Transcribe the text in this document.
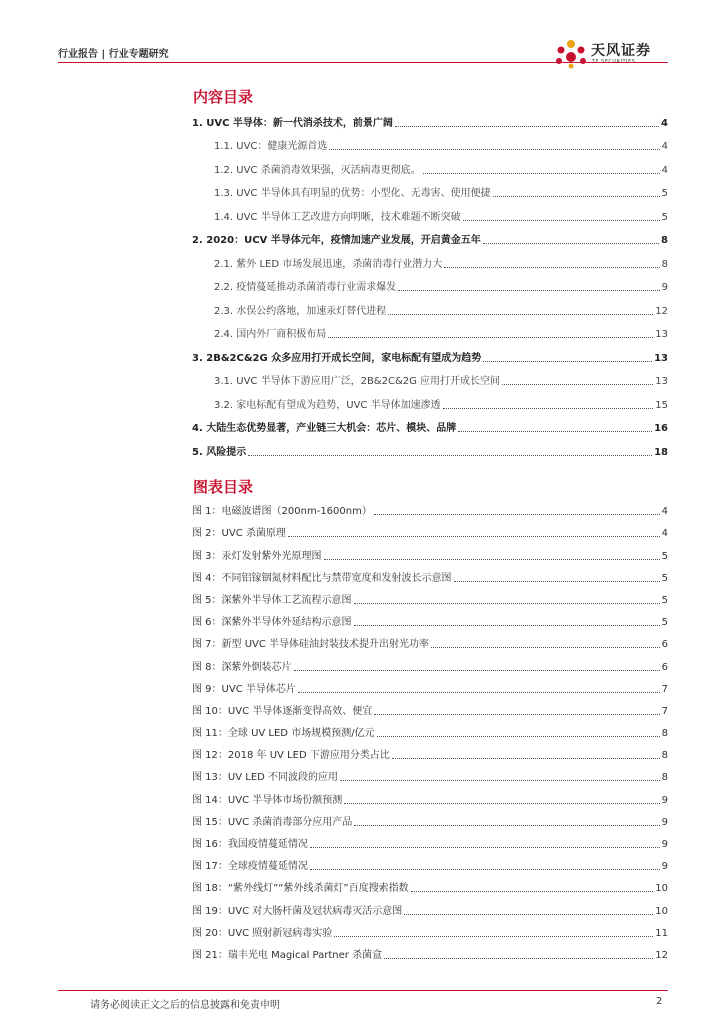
行业报告 | 行业专题研究	天风证券
内容目录
1. UVC 半导体：新一代消杀技术，前景广阔	4
1.1. UVC：健康光源首选	4
1.2. UVC 杀菌消毒效果强，灭活病毒更彻底。	4
1.3. UVC 半导体具有明显的优势：小型化、无毒害、使用便捷	5
1.4. UVC 半导体工艺改进方向明晰，技术难题不断突破	5
2. 2020：UCV 半导体元年，疫情加速产业发展，开启黄金五年	8
2.1. 紫外 LED 市场发展迅速，杀菌消毒行业潜力大	8
2.2. 疫情蔓延推动杀菌消毒行业需求爆发	9
2.3. 水俣公约落地，加速汞灯替代进程	12
2.4. 国内外厂商积极布局	13
3. 2B&2C&2G 众多应用打开成长空间，家电标配有望成为趋势	13
3.1. UVC 半导体下游应用广泛，2B&2C&2G 应用打开成长空间	13
3.2. 家电标配有望成为趋势，UVC 半导体加速渗透	15
4. 大陆生态优势显著，产业链三大机会：芯片、模块、品牌	16
5. 风险提示	18
图表目录
图 1：电磁波谱图（200nm-1600nm）	4
图 2：UVC 杀菌原理	4
图 3：汞灯发射紫外光原理图	5
图 4：不同铝镓铟氮材料配比与禁带宽度和发射波长示意图	5
图 5：深紫外半导体工艺流程示意图	5
图 6：深紫外半导体外延结构示意图	5
图 7：新型 UVC 半导体硅油封装技术提升出射光功率	6
图 8：深紫外倒装芯片	6
图 9：UVC 半导体芯片	7
图 10：UVC 半导体逐渐变得高效、便宜	7
图 11：全球 UV LED 市场规模预测/亿元	8
图 12：2018 年 UV LED 下游应用分类占比	8
图 13：UV LED 不同波段的应用	8
图 14：UVC 半导体市场份额预测	9
图 15：UVC 杀菌消毒部分应用产品	9
图 16：我国疫情蔓延情况	9
图 17：全球疫情蔓延情况	9
图 18：“紫外线灯”“紫外线杀菌灯”百度搜索指数	10
图 19：UVC 对大肠杆菌及冠状病毒灭活示意图	10
图 20：UVC 照射新冠病毒实验	11
图 21：瑞丰光电 Magical Partner 杀菌盒	12
请务必阅读正文之后的信息披露和免责申明	2
